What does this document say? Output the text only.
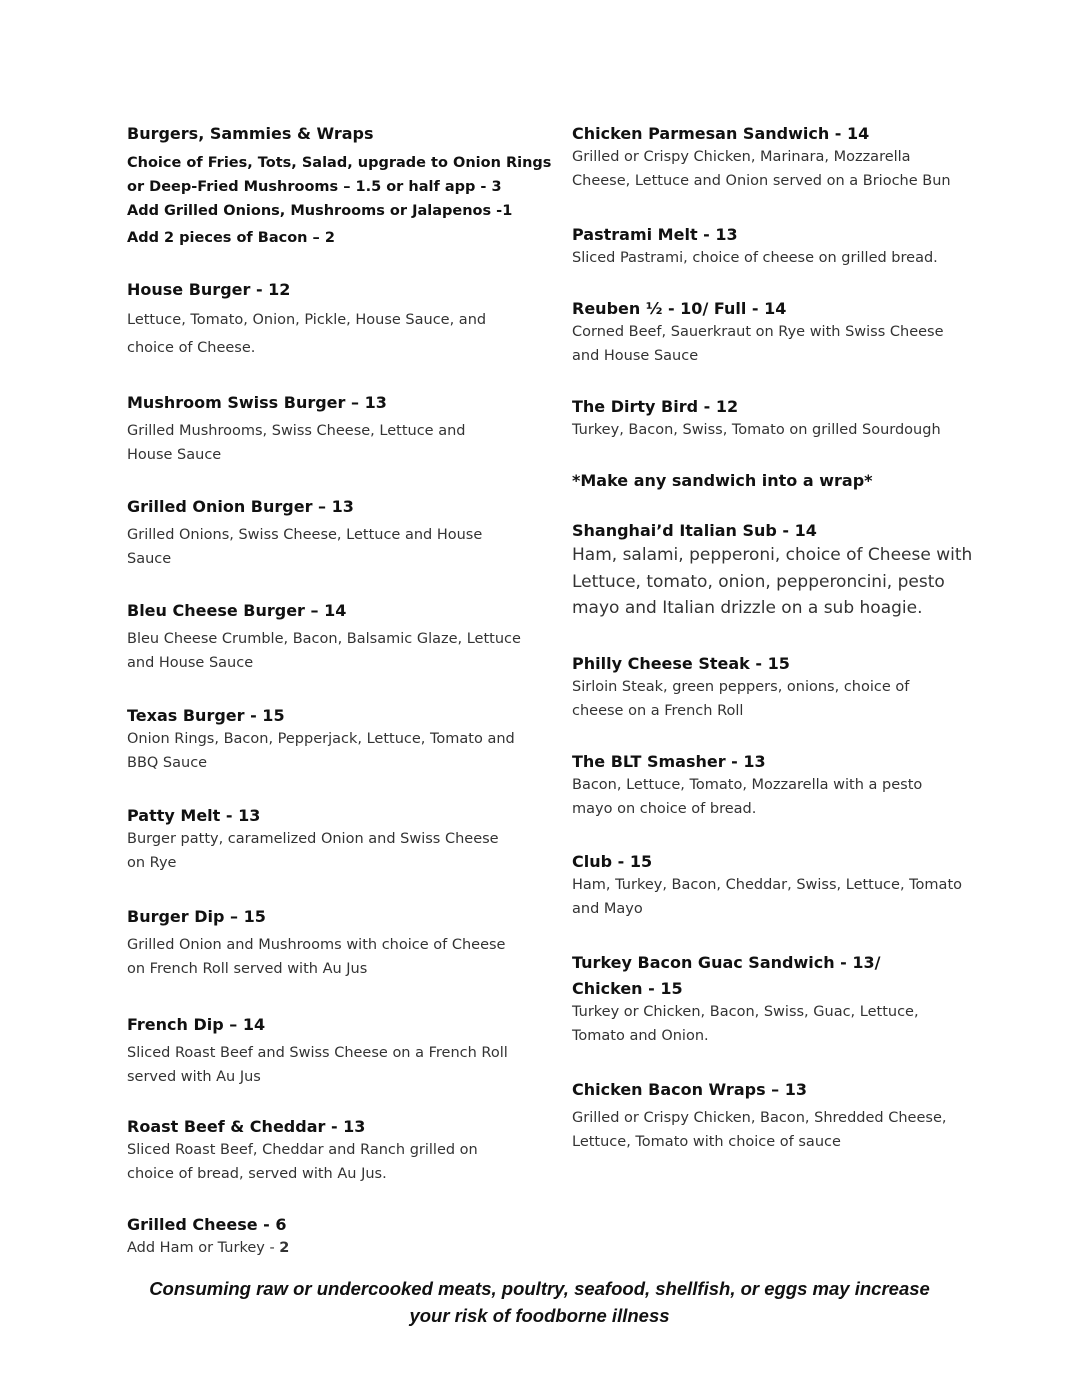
Burgers, Sammies & Wraps
Choice of Fries, Tots, Salad, upgrade to Onion Rings
or Deep-Fried Mushrooms – 1.5 or half app - 3
Add Grilled Onions, Mushrooms or Jalapenos -1
Add 2 pieces of Bacon – 2
House Burger - 12
Lettuce, Tomato, Onion, Pickle, House Sauce, and
choice of Cheese.
Mushroom Swiss Burger – 13
Grilled Mushrooms, Swiss Cheese, Lettuce and
House Sauce
Grilled Onion Burger – 13
Grilled Onions, Swiss Cheese, Lettuce and House
Sauce
Bleu Cheese Burger – 14
Bleu Cheese Crumble, Bacon, Balsamic Glaze, Lettuce
and House Sauce
Texas Burger - 15
Onion Rings, Bacon, Pepperjack, Lettuce, Tomato and
BBQ Sauce
Patty Melt - 13
Burger patty, caramelized Onion and Swiss Cheese
on Rye
Burger Dip – 15
Grilled Onion and Mushrooms with choice of Cheese
on French Roll served with Au Jus
French Dip – 14
Sliced Roast Beef and Swiss Cheese on a French Roll
served with Au Jus
Roast Beef & Cheddar - 13
Sliced Roast Beef, Cheddar and Ranch grilled on
choice of bread, served with Au Jus.
Grilled Cheese - 6
Add Ham or Turkey - 2
Chicken Parmesan Sandwich - 14
Grilled or Crispy Chicken, Marinara, Mozzarella
Cheese, Lettuce and Onion served on a Brioche Bun
Pastrami Melt - 13
Sliced Pastrami, choice of cheese on grilled bread.
Reuben ½ - 10/ Full - 14
Corned Beef, Sauerkraut on Rye with Swiss Cheese
and House Sauce
The Dirty Bird - 12
Turkey, Bacon, Swiss, Tomato on grilled Sourdough
*Make any sandwich into a wrap*
Shanghai’d Italian Sub - 14
Ham, salami, pepperoni, choice of Cheese with
Lettuce, tomato, onion, pepperoncini, pesto
mayo and Italian drizzle on a sub hoagie.
Philly Cheese Steak - 15
Sirloin Steak, green peppers, onions, choice of
cheese on a French Roll
The BLT Smasher - 13
Bacon, Lettuce, Tomato, Mozzarella with a pesto
mayo on choice of bread.
Club - 15
Ham, Turkey, Bacon, Cheddar, Swiss, Lettuce, Tomato
and Mayo
Turkey Bacon Guac Sandwich - 13/
Chicken - 15
Turkey or Chicken, Bacon, Swiss, Guac, Lettuce,
Tomato and Onion.
Chicken Bacon Wraps – 13
Grilled or Crispy Chicken, Bacon, Shredded Cheese,
Lettuce, Tomato with choice of sauce
Consuming raw or undercooked meats, poultry, seafood, shellfish, or eggs may increase
your risk of foodborne illness
